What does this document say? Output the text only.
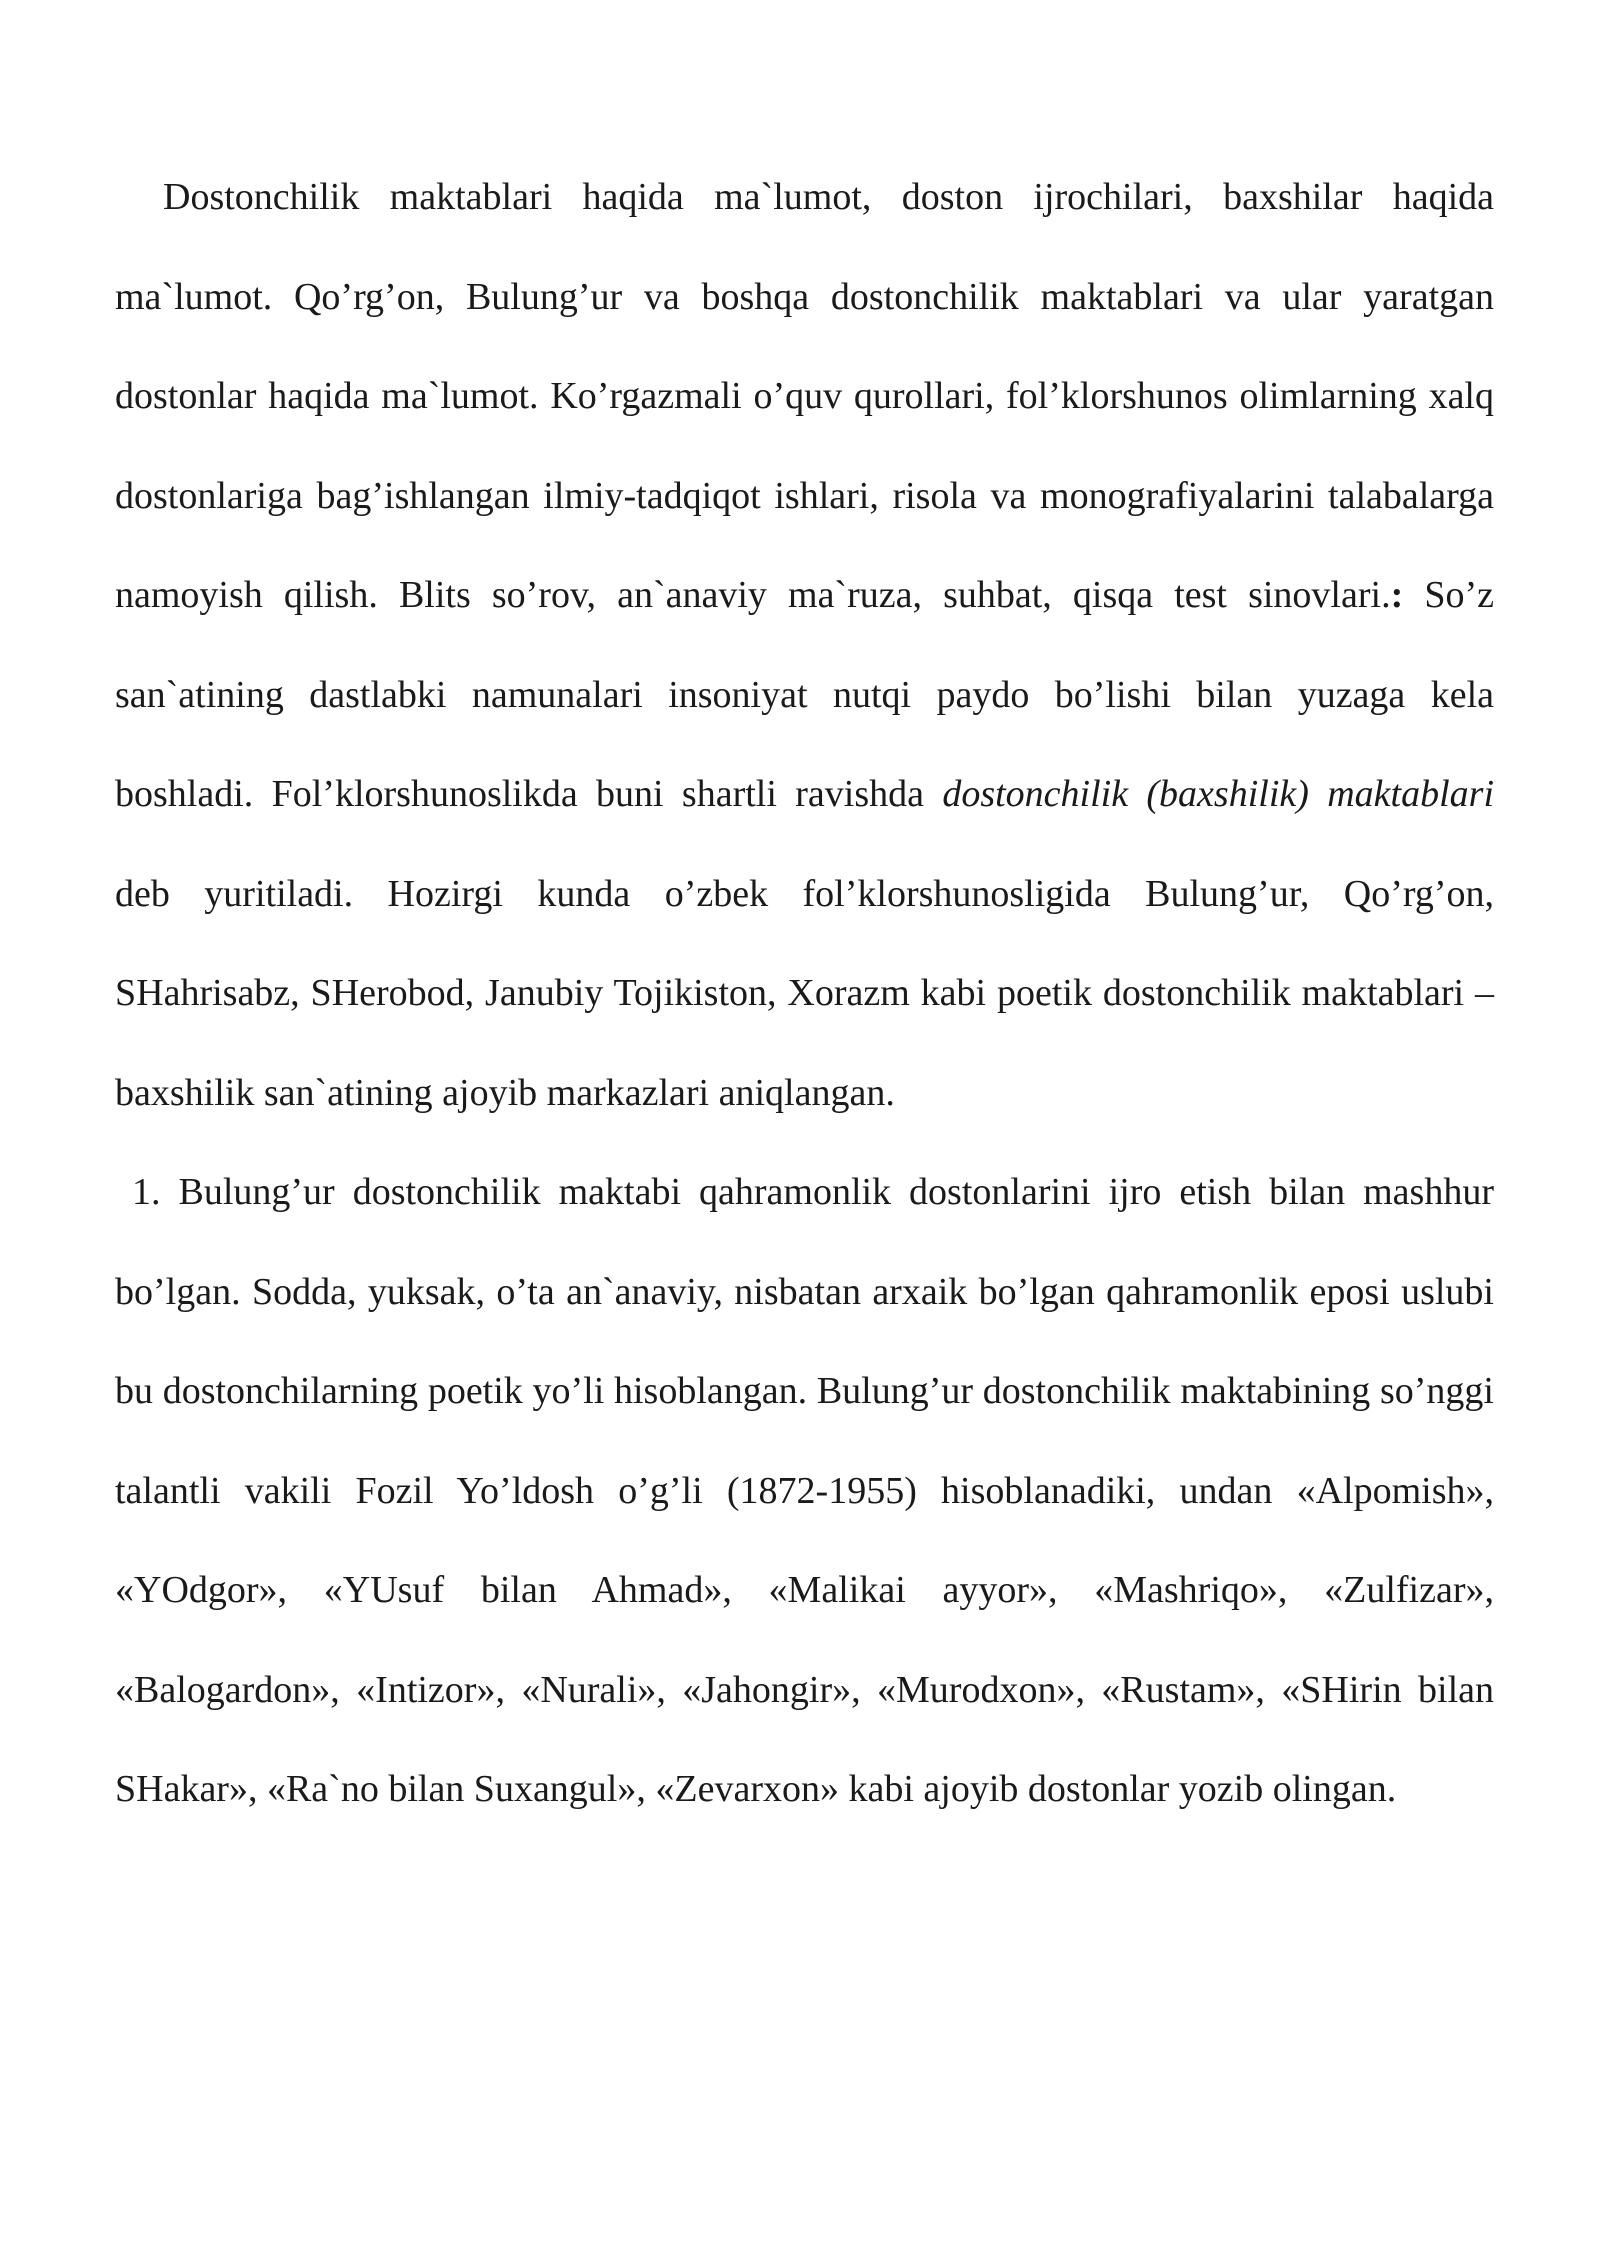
Dostonchilik maktablari haqida ma`lumot, doston ijrochilari, baxshilar haqida ma`lumot. Qo’rg’on, Bulung’ur va boshqa dostonchilik maktablari va ular yaratgan dostonlar haqida ma`lumot. Ko’rgazmali o’quv qurollari, fol’klorshunos olimlarning xalq dostonlariga bag’ishlangan ilmiy-tadqiqot ishlari, risola va monografiyalarini talabalarga namoyish qilish. Blits so’rov, an`anaviy ma`ruza, suhbat, qisqa test sinovlari.: So’z san`atining dastlabki namunalari insoniyat nutqi paydo bo’lishi bilan yuzaga kela boshladi. Fol’klorshunoslikda buni shartli ravishda dostonchilik (baxshilik) maktablari deb yuritiladi. Hozirgi kunda o’zbek fol’klorshunosligida Bulung’ur, Qo’rg’on, SHahrisabz, SHerobod, Janubiy Tojikiston, Xorazm kabi poetik dostonchilik maktablari – baxshilik san`atining ajoyib markazlari aniqlangan.

1. Bulung’ur dostonchilik maktabi qahramonlik dostonlarini ijro etish bilan mashhur bo’lgan. Sodda, yuksak, o’ta an`anaviy, nisbatan arxaik bo’lgan qahramonlik eposi uslubi bu dostonchilarning poetik yo’li hisoblangan. Bulung’ur dostonchilik maktabining so’nggi talantli vakili Fozil Yo’ldosh o’g’li (1872-1955) hisoblanadiki, undan «Alpomish», «YOdgor», «YUsuf bilan Ahmad», «Malikai ayyor», «Mashriqo», «Zulfizar», «Balogardon», «Intizor», «Nurali», «Jahongir», «Murodxon», «Rustam», «SHirin bilan SHakar», «Ra`no bilan Suxangul», «Zevarxon» kabi ajoyib dostonlar yozib olingan.
